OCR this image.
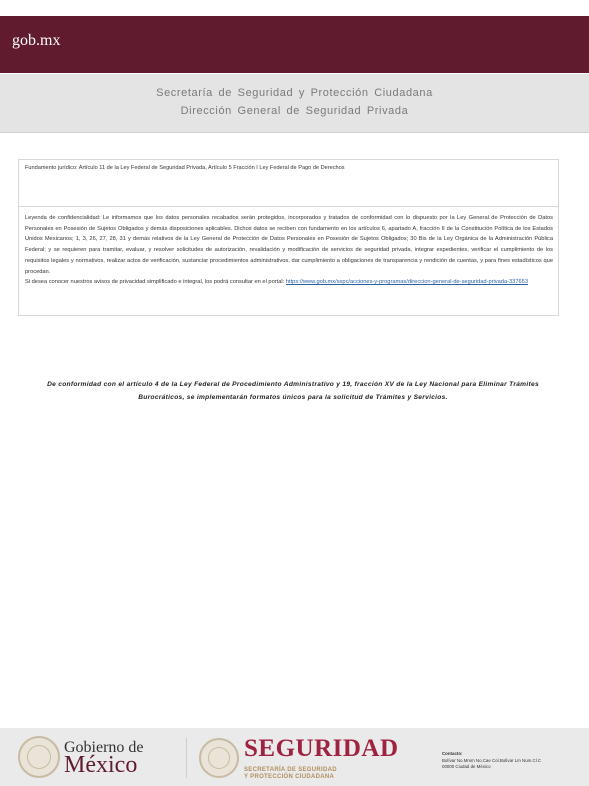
gob.mx
Secretaría de Seguridad y Protección Ciudadana
Dirección General de Seguridad Privada
Fundamento jurídico: Artículo 11 de la Ley Federal de Seguridad Privada, Artículo 5 Fracción I Ley Federal de Pago de Derechos

Leyenda de confidencialidad: Le informamos que los datos personales recabados serán protegidos, incorporados y tratados de conformidad con lo dispuesto por la Ley General de Protección de Datos Personales en Posesión de Sujetos Obligados y demás disposiciones aplicables. Dichos datos se reciben con fundamento en los artículos 6, apartado A, fracción II de la Constitución Política de los Estados Unidos Mexicanos; 1, 3, 26, 27, 28, 31 y demás relativos de la Ley General de Protección de Datos Personales en Posesión de Sujetos Obligados; 30 Bis de la Ley Orgánica de la Administración Pública Federal; y se requieren para tramitar, evaluar, y resolver solicitudes de autorización, revalidación y modificación de servicios de seguridad privada, integrar expedientes, verificar el cumplimiento de los requisitos legales y normativos, realizar actos de verificación, sustanciar procedimientos administrativos, dar cumplimiento a obligaciones de transparencia y rendición de cuentas, y para fines estadísticos que procedan.

Si desea conocer nuestros avisos de privacidad simplificado e integral, los podrá consultar en el portal: https://www.gob.mx/sspc/acciones-y-programas/direccion-general-de-seguridad-privada-337653

De conformidad con el artículo 4 de la Ley Federal de Procedimiento Administrativo y 19, fracción XV de la Ley Nacional para Eliminar Trámites Burocráticos, se implementarán formatos únicos para la solicitud de Trámites y Servicios.
Gobierno de
México
SEGURIDAD
SECRETARÍA DE SEGURIDAD
Y PROTECCIÓN CIUDADANA
Contacto:
Bolívar No.Mmm No.Cae Col.Bolívar Lm Num.Cl.C
00000 Ciudad de México
